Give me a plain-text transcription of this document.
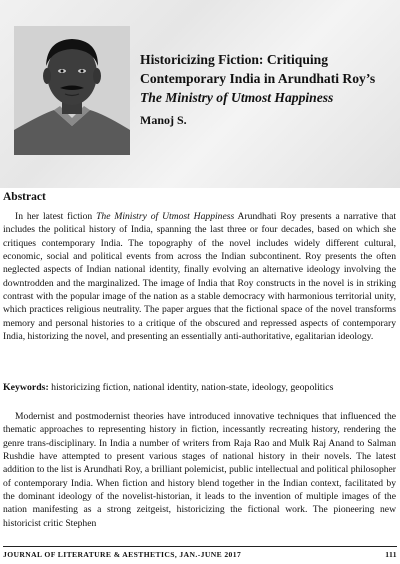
Historicizing Fiction: Critiquing

Contemporary India in Arundhati Roy’s

The Ministry of Utmost Happiness

Manoj S.
Abstract

In her latest fiction The Ministry of Utmost Happiness Arundhati Roy presents a narrative that includes the political history of India, spanning the last three or four decades, based on which she critiques contemporary India. The topography of the novel includes widely different cultural, economic, social and political events from across the Indian subcontinent. Roy presents the often neglected aspects of Indian national identity, finally evolving an alternative ideology involving the downtrodden and the marginalized. The image of India that Roy constructs in the novel is in striking contrast with the popular image of the nation as a stable democracy with harmonious territorial unity, which practices religious neutrality. The paper argues that the fictional space of the novel transforms memory and personal histories to a critique of the obscured and repressed aspects of contemporary India, historizing the novel, and presenting an essentially anti-authoritative, egalitarian ideology.

Keywords: historicizing fiction, national identity, nation-state, ideology, geopolitics

Modernist and postmodernist theories have introduced innovative techniques that influenced the thematic approaches to representing history in fiction, incessantly recreating history, rendering the genre trans-disciplinary. In India a number of writers from Raja Rao and Mulk Raj Anand to Salman Rushdie have attempted to present various stages of national history in their novels. The latest addition to the list is Arundhati Roy, a brilliant polemicist, public intellectual and political philosopher of contemporary India. When fiction and history blend together in the Indian context, facilitated by the dominant ideology of the novelist-historian, it leads to the invention of multiple images of the nation manifesting as a strong zeitgeist, historicizing the fictional work. The pioneering new historicist critic Stephen

JOURNAL OF LITERATURE & AESTHETICS, JAN.-JUNE 2017	111
